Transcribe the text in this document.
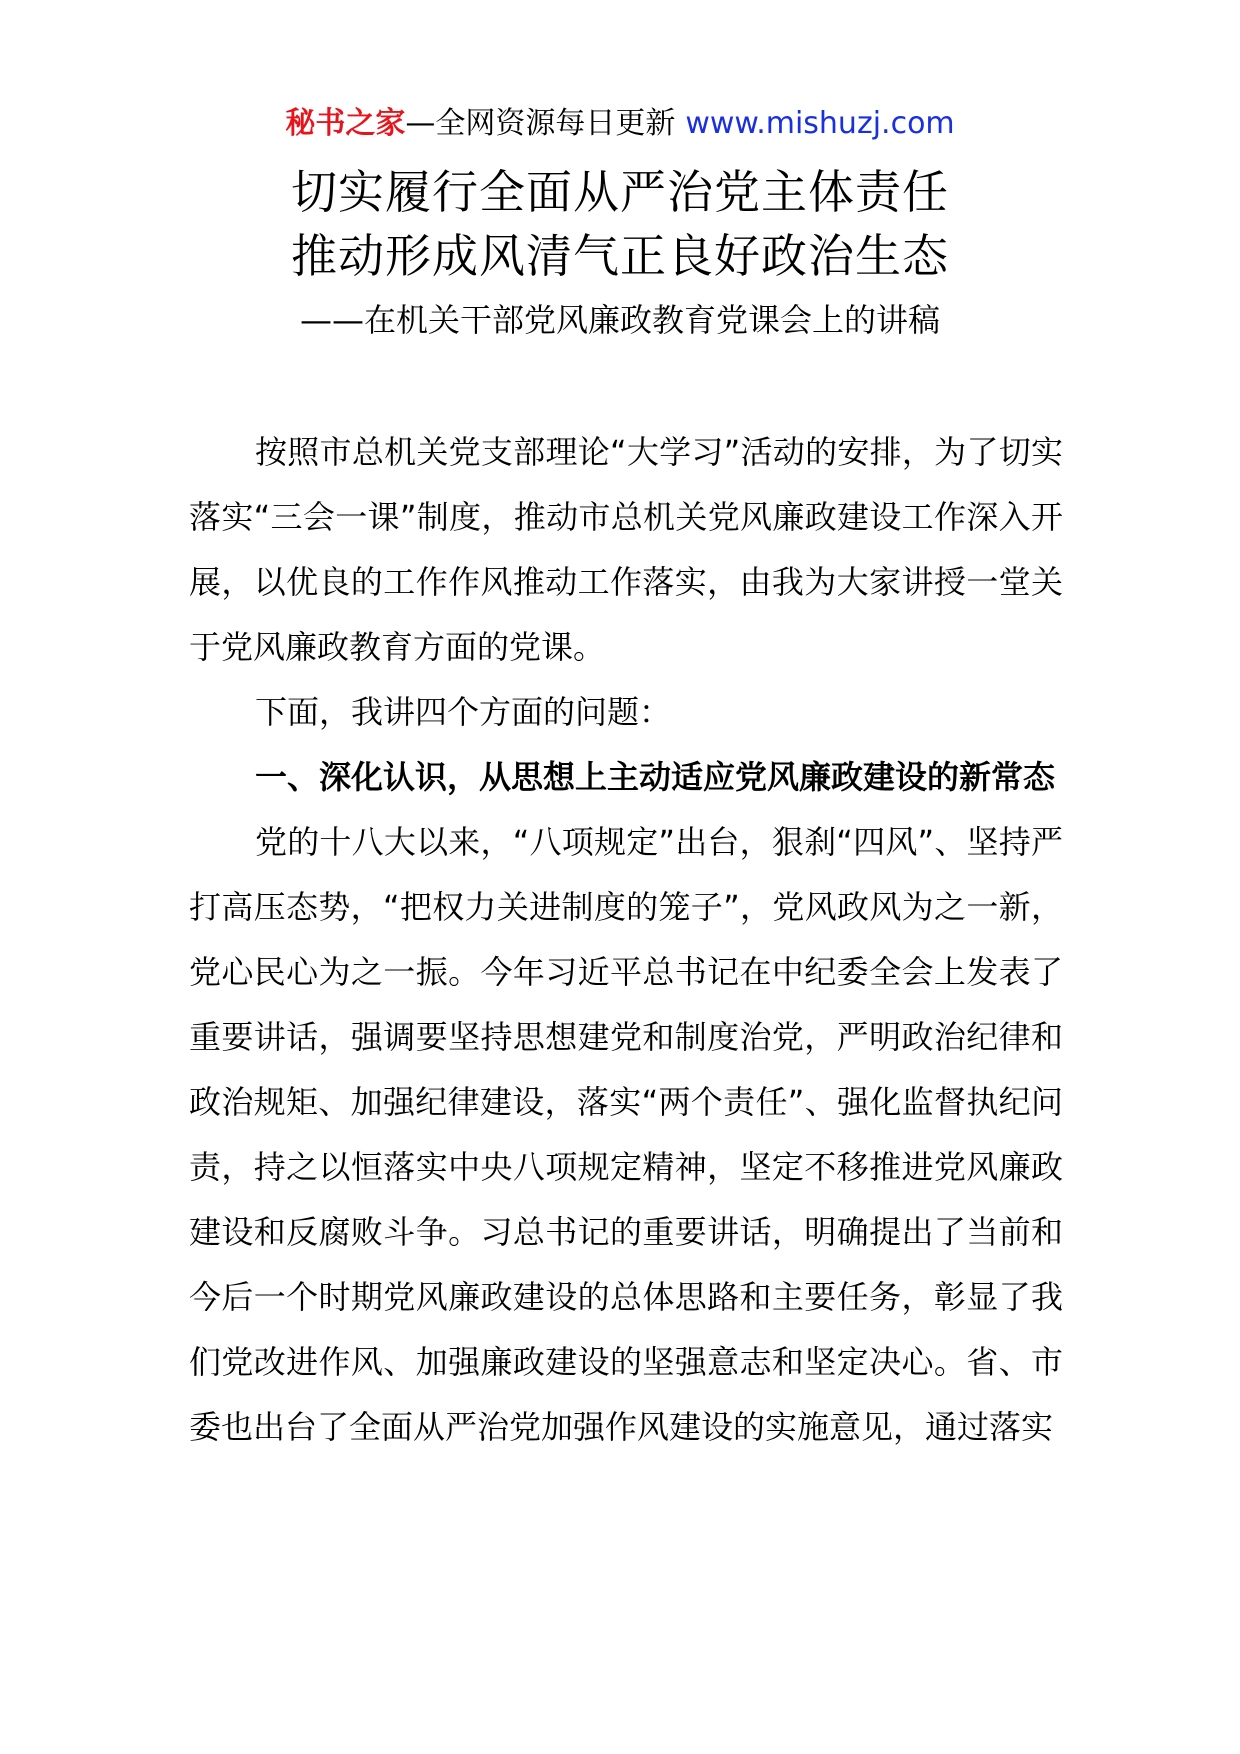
秘书之家—全网资源每日更新 www.mishuzj.com
切实履行全面从严治党主体责任
推动形成风清气正良好政治生态
——在机关干部党风廉政教育党课会上的讲稿

按照市总机关党支部理论“大学习”活动的安排，为了切实落实“三会一课”制度，推动市总机关党风廉政建设工作深入开展，以优良的工作作风推动工作落实，由我为大家讲授一堂关于党风廉政教育方面的党课。

下面，我讲四个方面的问题：

一、深化认识，从思想上主动适应党风廉政建设的新常态

党的十八大以来，“八项规定”出台，狠刹“四风”、坚持严打高压态势，“把权力关进制度的笼子”，党风政风为之一新，党心民心为之一振。今年习近平总书记在中纪委全会上发表了重要讲话，强调要坚持思想建党和制度治党，严明政治纪律和政治规矩、加强纪律建设，落实“两个责任”、强化监督执纪问责，持之以恒落实中央八项规定精神，坚定不移推进党风廉政建设和反腐败斗争。习总书记的重要讲话，明确提出了当前和今后一个时期党风廉政建设的总体思路和主要任务，彰显了我们党改进作风、加强廉政建设的坚强意志和坚定决心。省、市委也出台了全面从严治党加强作风建设的实施意见，通过落实
